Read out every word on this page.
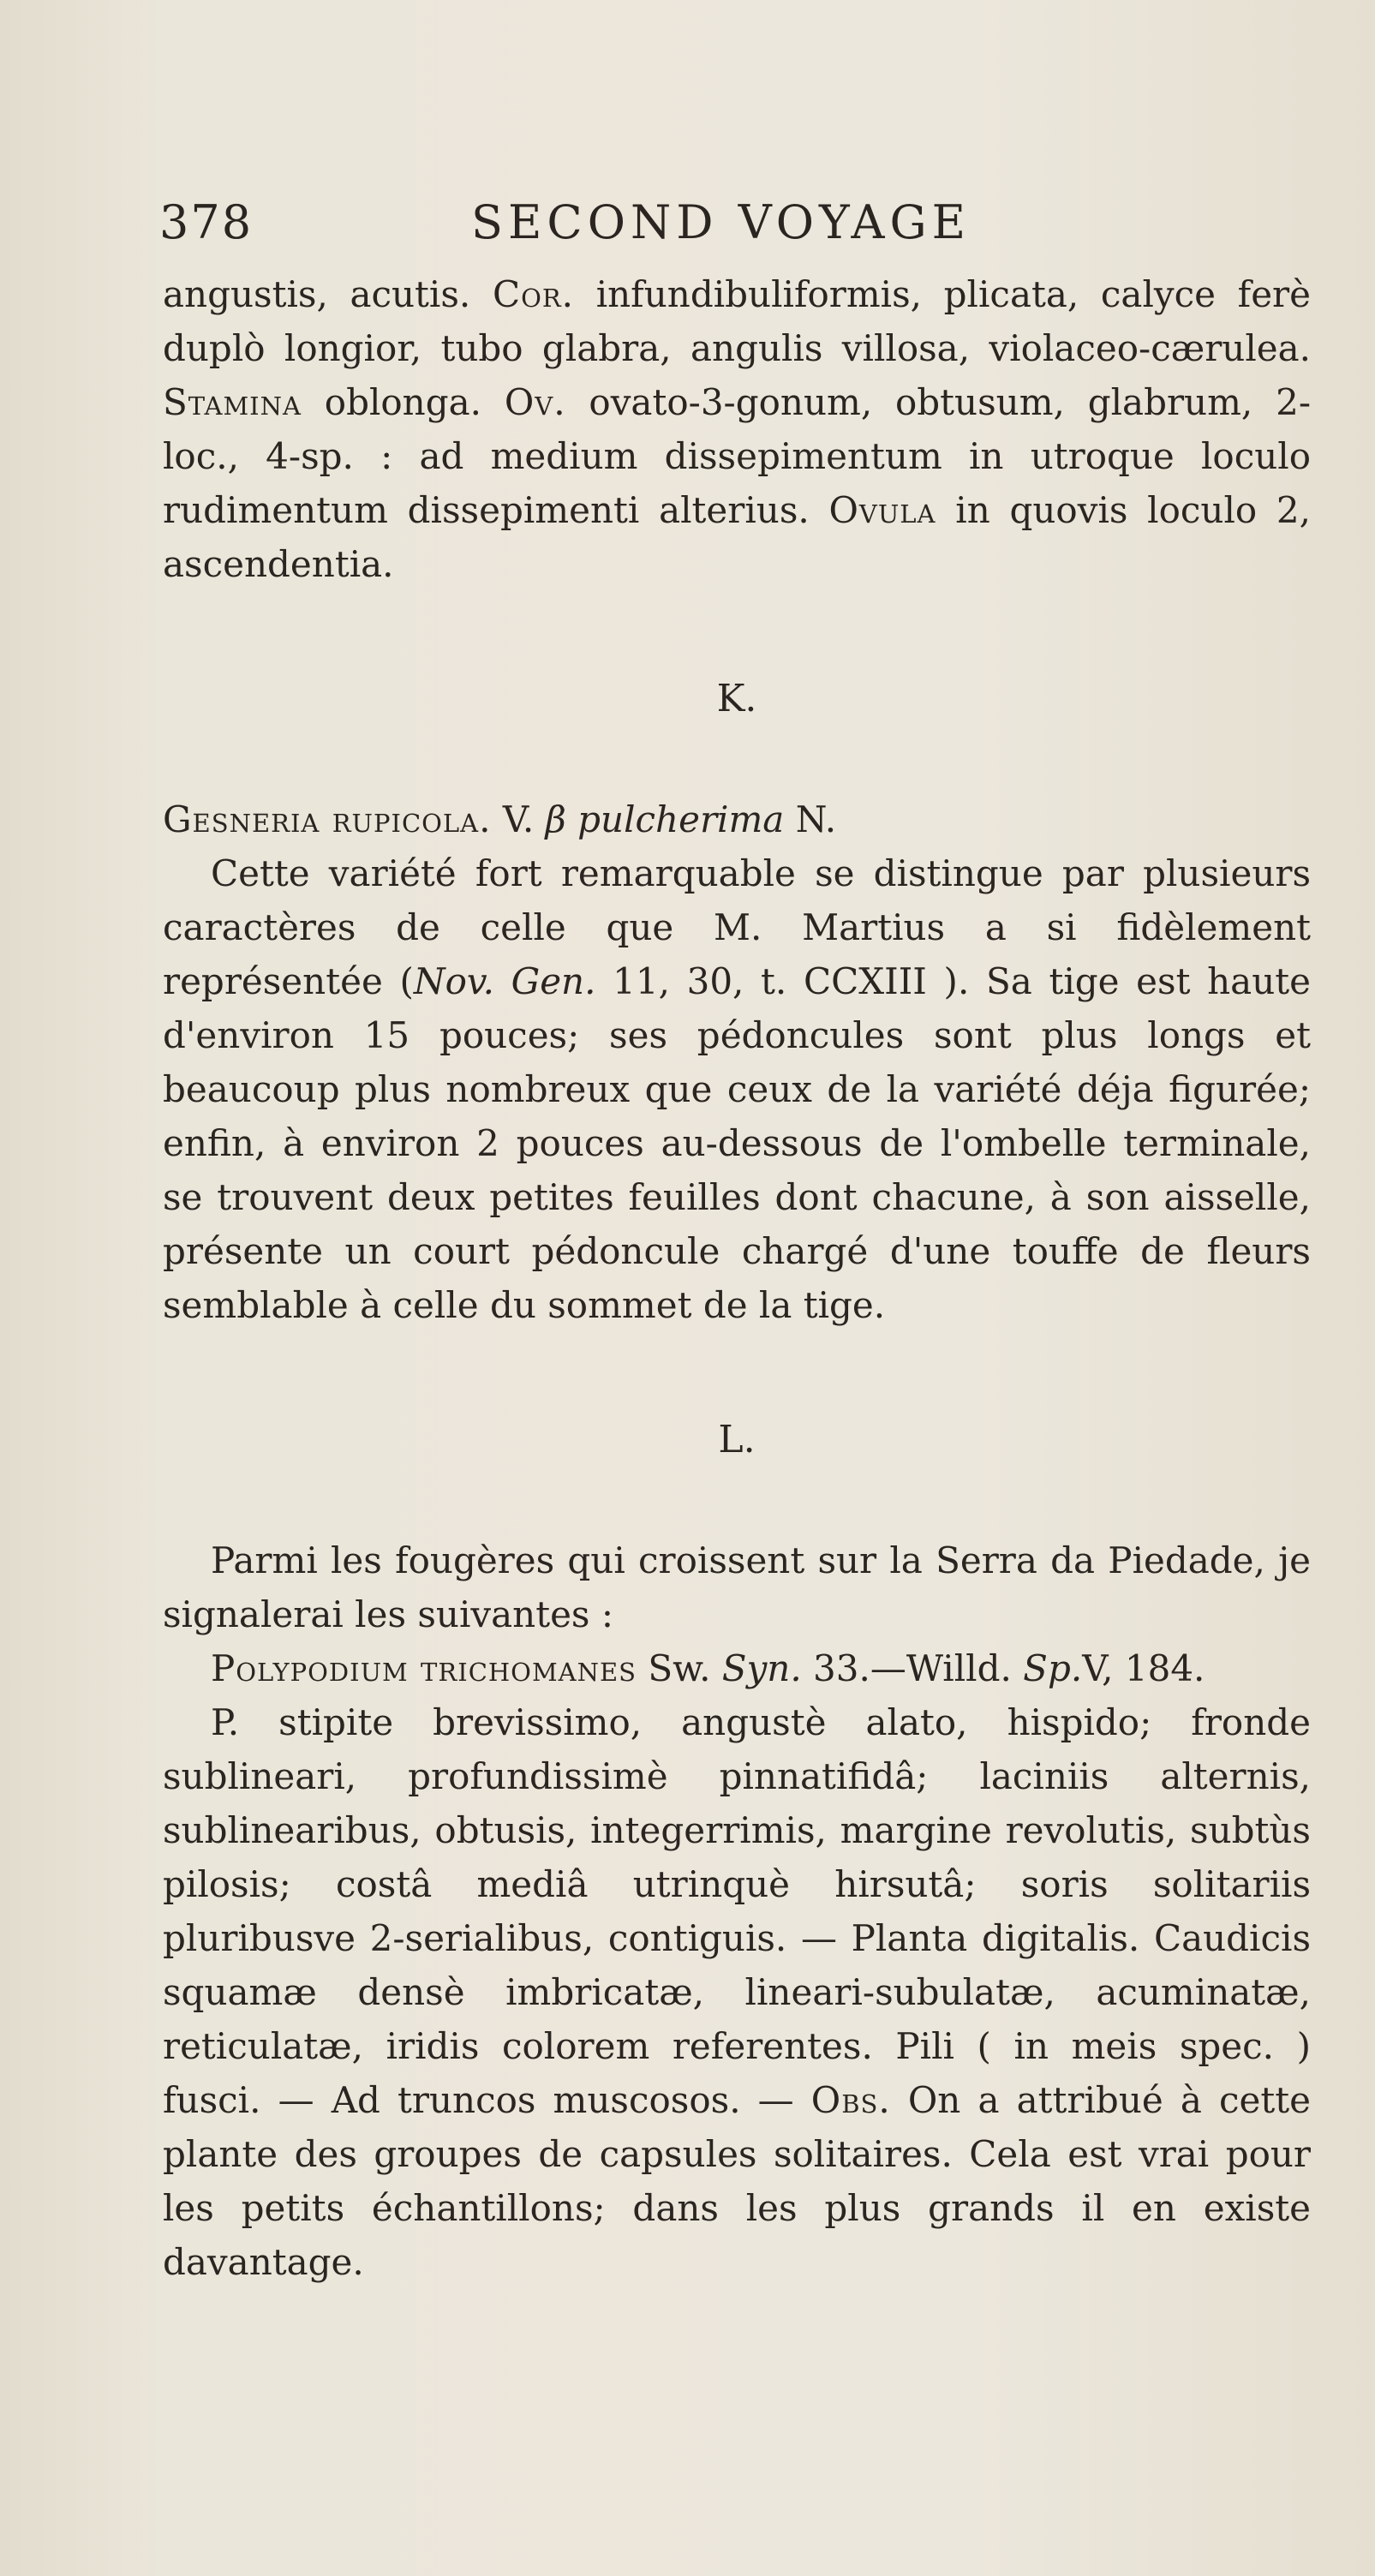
378	SECOND VOYAGE

angustis, acutis. Cor. infundibuliformis, plicata, calyce ferè duplò longior, tubo glabra, angulis villosa, violaceo-cærulea. Stamina oblonga. Ov. ovato-3-gonum, obtusum, glabrum, 2-loc., 4-sp. : ad medium dissepimentum in utroque loculo rudimentum dissepimenti alterius. Ovula in quovis loculo 2, ascendentia.

K.

Gesneria rupicola. V. β pulcherima N.

Cette variété fort remarquable se distingue par plusieurs caractères de celle que M. Martius a si fidèlement représentée (Nov. Gen. 11, 30, t. CCXIII ). Sa tige est haute d'environ 15 pouces; ses pédoncules sont plus longs et beaucoup plus nombreux que ceux de la variété déja figurée; enfin, à environ 2 pouces au-dessous de l'ombelle terminale, se trouvent deux petites feuilles dont chacune, à son aisselle, présente un court pédoncule chargé d'une touffe de fleurs semblable à celle du sommet de la tige.

L.

Parmi les fougères qui croissent sur la Serra da Piedade, je signalerai les suivantes :

Polypodium trichomanes Sw. Syn. 33.—Willd. Sp.V, 184.

P. stipite brevissimo, angustè alato, hispido; fronde sublineari, profundissimè pinnatifidâ; laciniis alternis, sublinearibus, obtusis, integerrimis, margine revolutis, subtùs pilosis; costâ mediâ utrinquè hirsutâ; soris solitariis pluribusve 2-serialibus, contiguis. — Planta digitalis. Caudicis squamæ densè imbricatæ, lineari-subulatæ, acuminatæ, reticulatæ, iridis colorem referentes. Pili ( in meis spec. ) fusci. — Ad truncos muscosos. — Obs. On a attribué à cette plante des groupes de capsules solitaires. Cela est vrai pour les petits échantillons; dans les plus grands il en existe davantage.
